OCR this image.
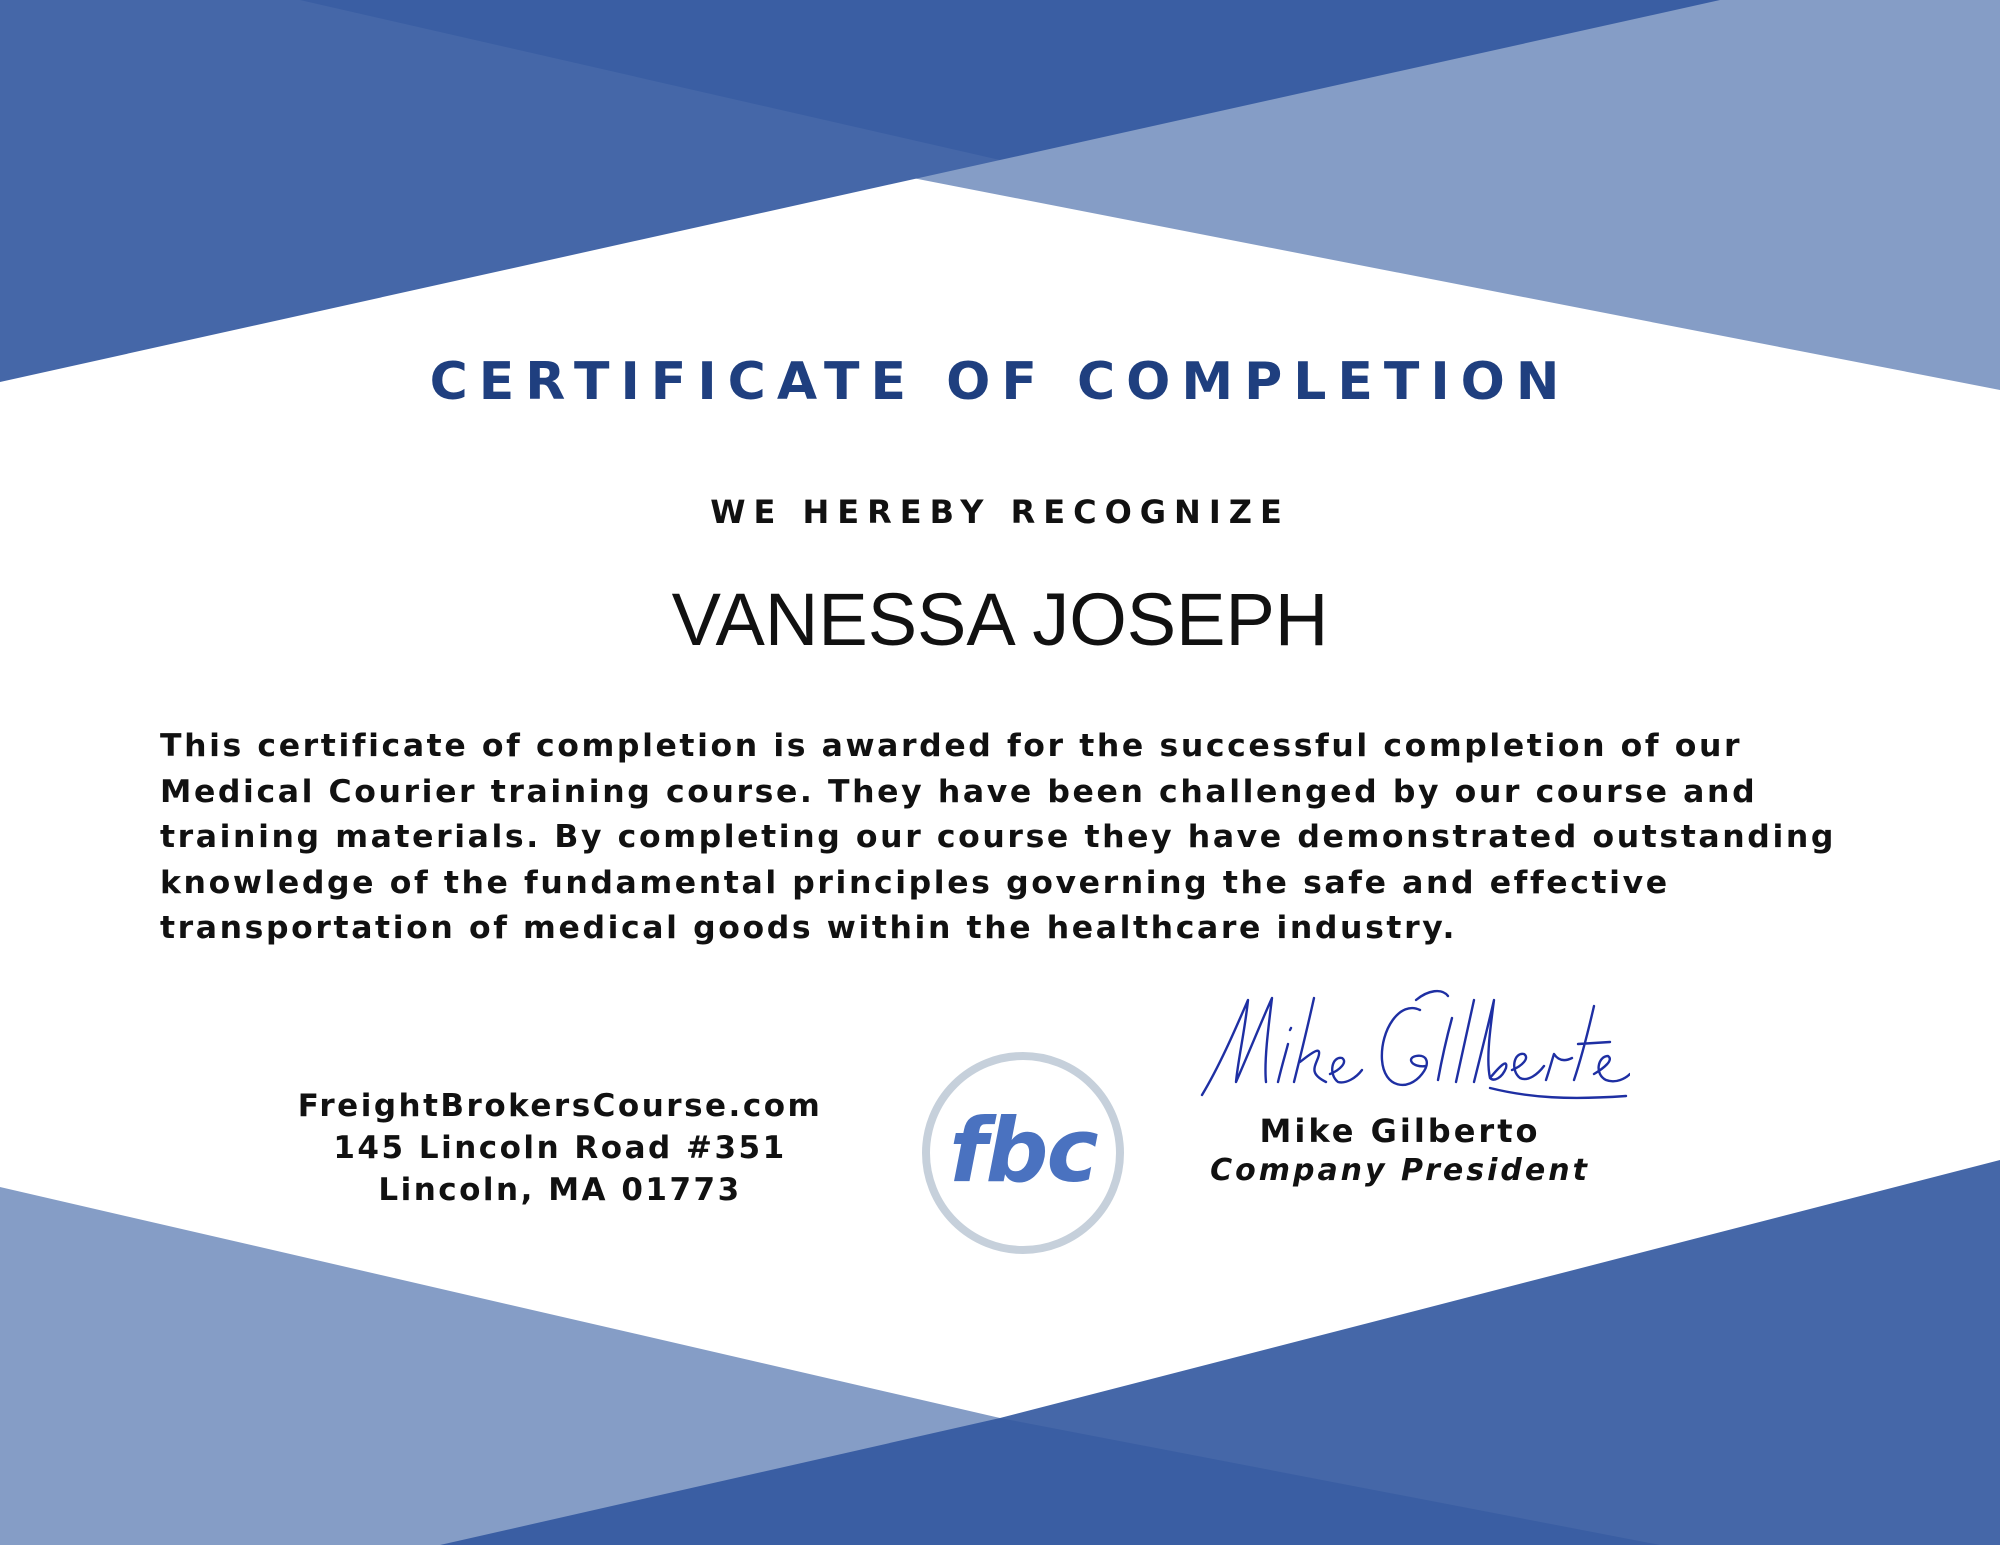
CERTIFICATE OF COMPLETION
WE HEREBY RECOGNIZE
VANESSA JOSEPH

This certificate of completion is awarded for the successful completion of our Medical Courier training course. They have been challenged by our course and training materials. By completing our course they have demonstrated outstanding knowledge of the fundamental principles governing the safe and effective transportation of medical goods within the healthcare industry.

FreightBrokersCourse.com
145 Lincoln Road #351
Lincoln, MA 01773	fbc	Mike Gilberto
Company President
